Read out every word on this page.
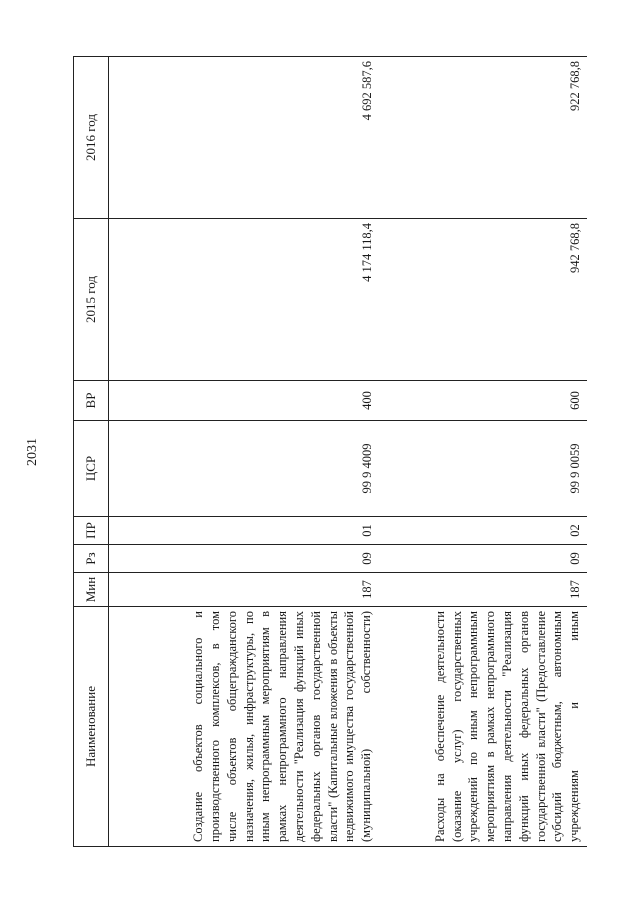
2031
Наименование	Мин	Рз	ПР	ЦСР	ВР	2015 год	2016 год
Создание объектов социального и производственного комплексов, в том числе объектов общегражданского назначения, жилья, инфраструктуры, по иным непрограммным мероприятиям в рамках непрограммного направления деятельности "Реализация функций иных федеральных органов государственной власти" (Капитальные вложения в объекты недвижимого имущества государственной (муниципальной) собственности)	187	09	01	99 9 4009	400	4 174 118,4	4 692 587,6
Расходы на обеспечение деятельности (оказание услуг) государственных учреждений по иным непрограммным мероприятиям в рамках непрограммного направления деятельности "Реализация функций иных федеральных органов государственной власти" (Предоставление субсидий бюджетным, автономным учреждениям и иным	187	09	02	99 9 0059	600	942 768,8	922 768,8
